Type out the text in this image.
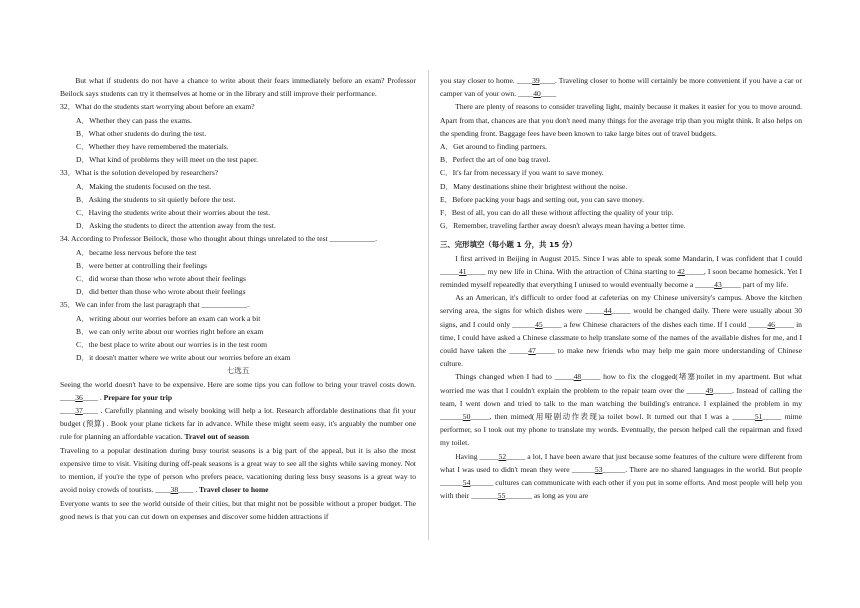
But what if students do not have a chance to write about their fears immediately before an exam? Professor Beilock says students can try it themselves at home or in the library and still improve their performance.

32．What do the students start worrying about before an exam?

A．Whether they can pass the exams.

B．What other students do during the test.

C．Whether they have remembered the materials.

D．What kind of problems they will meet on the test paper.

33．What is the solution developed by researchers?

A．Making the students focused on the test.

B．Asking the students to sit quietly before the test.

C．Having the students write about their worries about the test.

D．Asking the students to direct the attention away from the test.

34. According to Professor Beilock, those who thought about things unrelated to the test ____________.

A．became less nervous before the test

B．were better at controlling their feelings

C．did worse than those who wrote about their feelings

D．did better than those who wrote about their feelings

35．We can infer from the last paragraph that ____________.

A．writing about our worries before an exam can work a bit

B．we can only write about our worries right before an exam

C．the best place to write about our worries is in the test room

D．it doesn't matter where we write about our worries before an exam

七选五

Seeing the world doesn't have to be expensive. Here are some tips you can follow to bring your travel costs down. ____36____ . Prepare for your trip

____37____ . Carefully planning and wisely booking will help a lot. Research affordable destinations that fit your budget (预算) . Book your plane tickets far in advance. While these might seem easy, it's arguably the number one rule for planning an affordable vacation. Travel out of season

Traveling to a popular destination during busy tourist seasons is a big part of the appeal, but it is also the most expensive time to visit. Visiting during off-peak seasons is a great way to see all the sights while saving money. Not to mention, if you're the type of person who prefers peace, vacationing during less busy seasons is a great way to avoid noisy crowds of tourists. ____38____ . Travel closer to home

Everyone wants to see the world outside of their cities, but that might not be possible without a proper budget. The good news is that you can cut down on expenses and discover some hidden attractions if

you stay closer to home. ____39____. Traveling closer to home will certainly be more convenient if you have a car or camper van of your own. ____40____

There are plenty of reasons to consider traveling light, mainly because it makes it easier for you to move around. Apart from that, chances are that you don't need many things for the average trip than you might think. It also helps on the spending front. Baggage fees have been known to take large bites out of travel budgets.

A．Get around to finding partners.

B．Perfect the art of one bag travel.

C．It's far from necessary if you want to save money.

D．Many destinations shine their brightest without the noise.

E．Before packing your bags and setting out, you can save money.

F．Best of all, you can do all these without affecting the quality of your trip.

G．Remember, traveling farther away doesn't always mean having a better time.

三、完形填空（每小题 1 分，共 15 分）

I first arrived in Beijing in August 2015. Since I was able to speak some Mandarin, I was confident that I could _____41_____ my new life in China. With the attraction of China starting to 42_____, I soon became homesick. Yet I reminded myself repeatedly that everything I unused to would eventually become a _____43_____ part of my life.

As an American, it's difficult to order food at cafeterias on my Chinese university's campus. Above the kitchen serving area, the signs for which dishes were _____44_____ would be changed daily. There were usually about 30 signs, and I could only ______45_____ a few Chinese characters of the dishes each time. If I could _____46_____ in time, I could have asked a Chinese classmate to help translate some of the names of the available dishes for me, and I could have taken the _____47_____ to make new friends who may help me gain more understanding of Chinese culture.

Things changed when I had to _____48_____ how to fix the clogged(堵塞)toilet in my apartment. But what worried me was that I couldn't explain the problem to the repair team over the _____49_____. Instead of calling the team, I went down and tried to talk to the man watching the building's entrance. I explained the problem in my ______50_____, then mimed(用哑剧动作表现)a toilet bowl. It turned out that I was a ______51_____ mime performer, so I took out my phone to translate my words. Eventually, the person helped call the repairman and fixed my toilet.

Having _____52_____ a lot, I have been aware that just because some features of the culture were different from what I was used to didn't mean they were ______53______. There are no shared languages in the world. But people ______54______ cultures can communicate with each other if you put in some efforts. And most people will help you with their _______55_______ as long as you are
